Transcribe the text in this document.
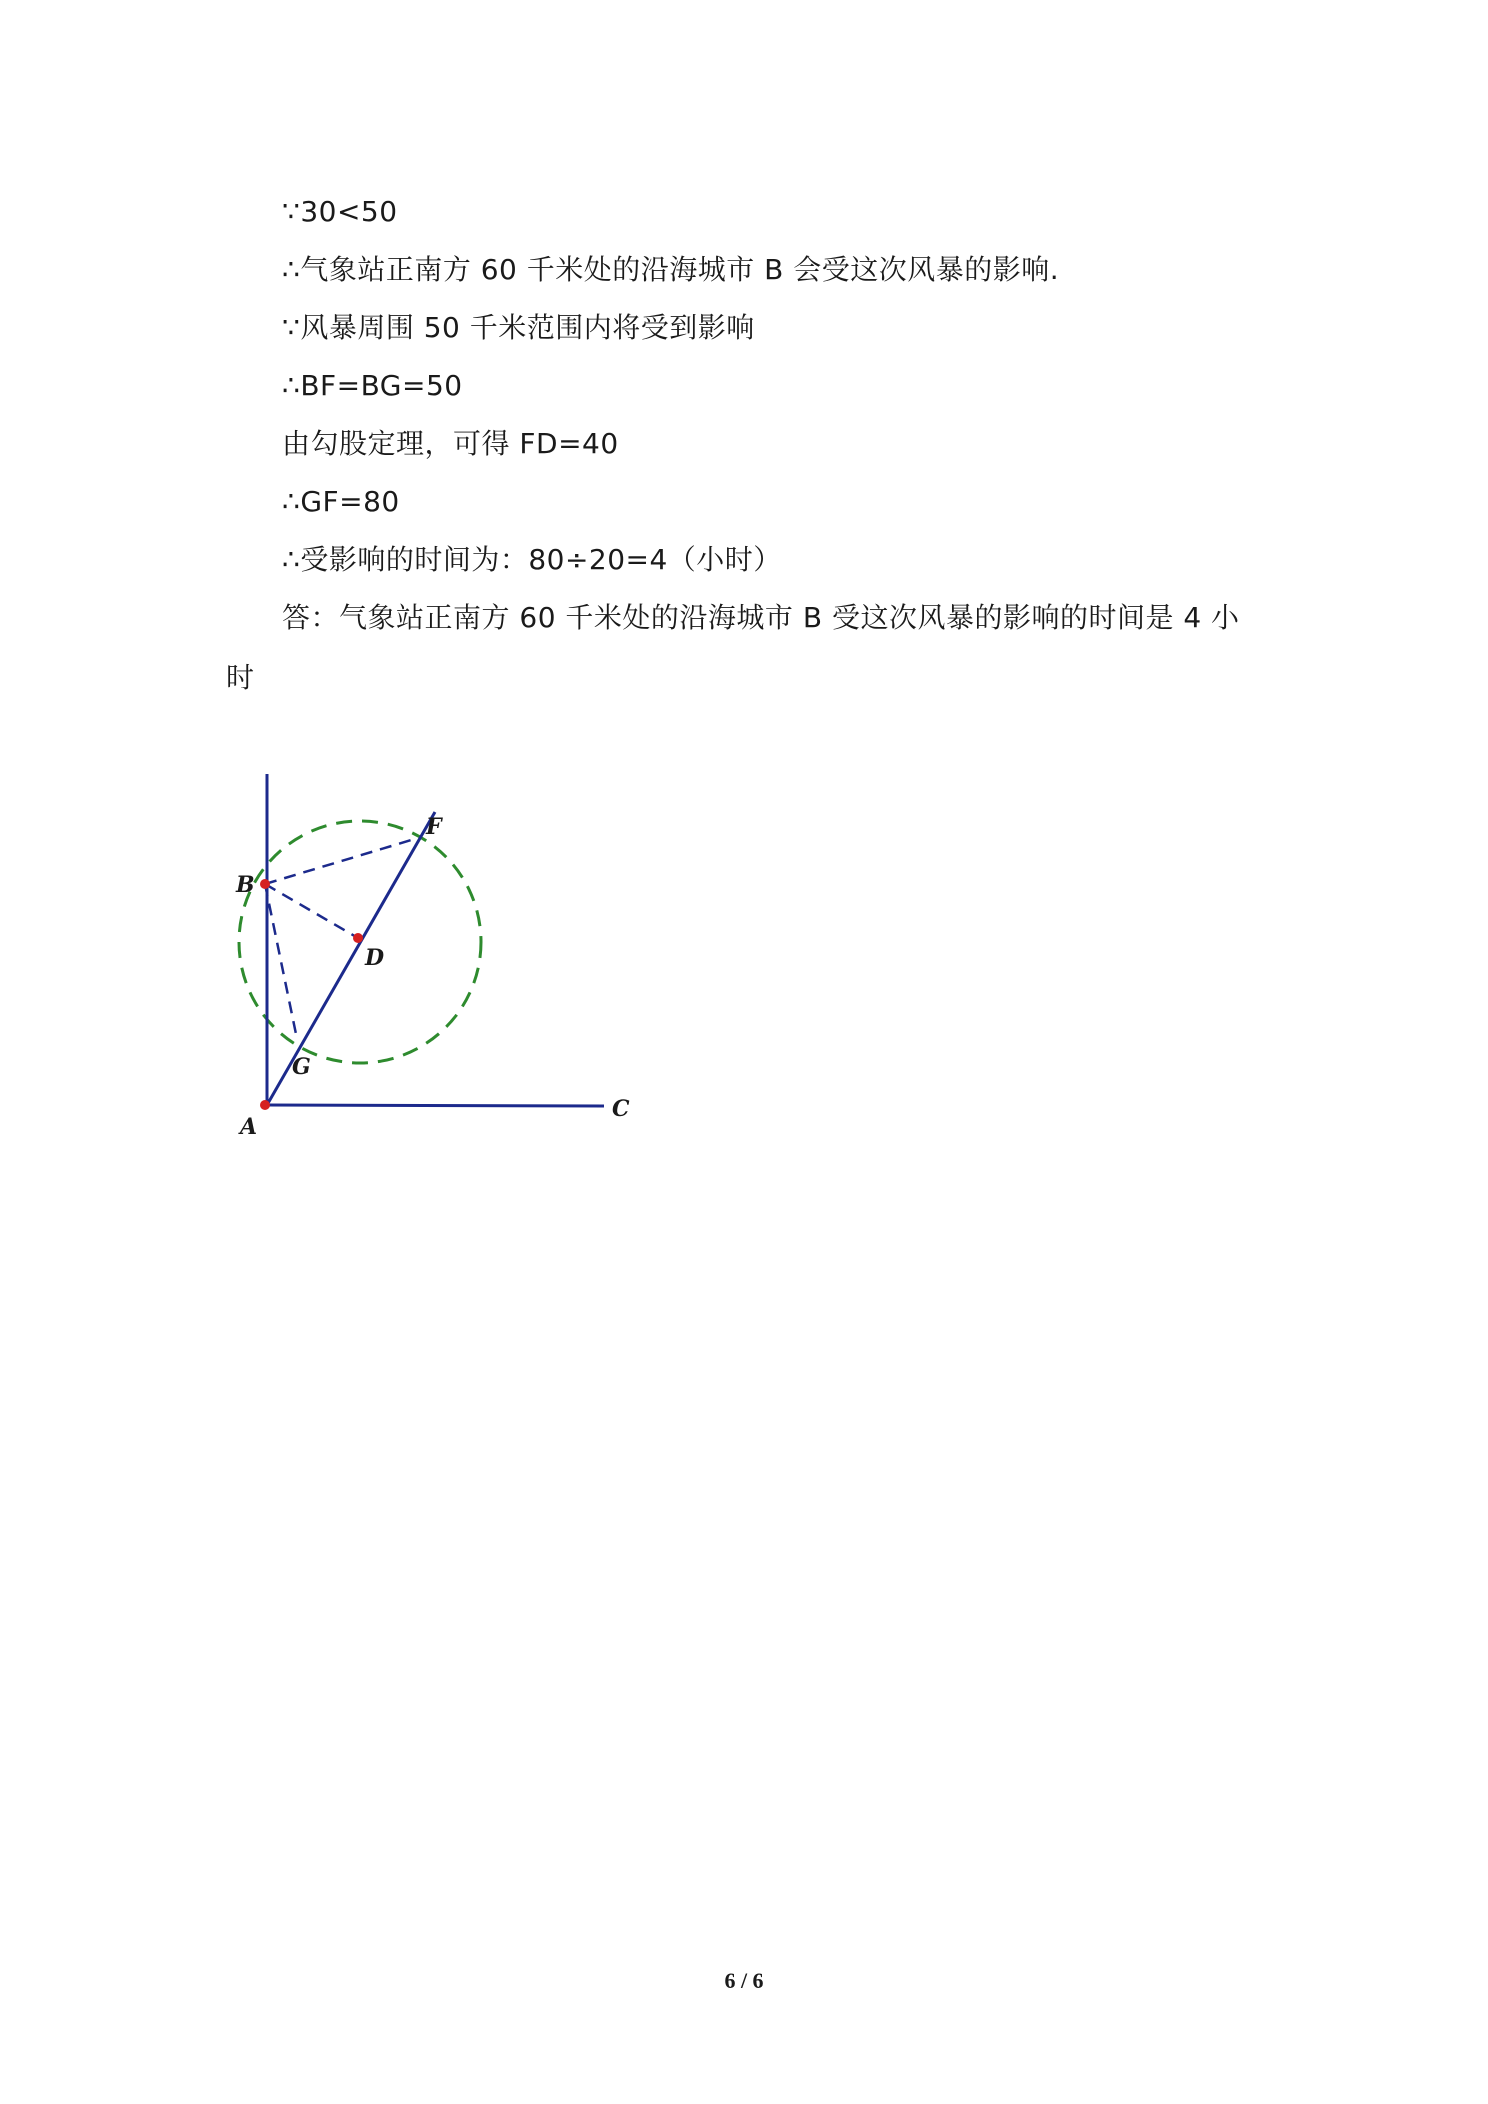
∵30<50
∴气象站正南方 60 千米处的沿海城市 B 会受这次风暴的影响.
∵风暴周围 50 千米范围内将受到影响
∴BF=BG=50
由勾股定理，可得 FD=40
∴GF=80
∴受影响的时间为：80÷20=4（小时）
答：气象站正南方 60 千米处的沿海城市 B 受这次风暴的影响的时间是 4 小
时
B
F
D
G
A
C
6 / 6
